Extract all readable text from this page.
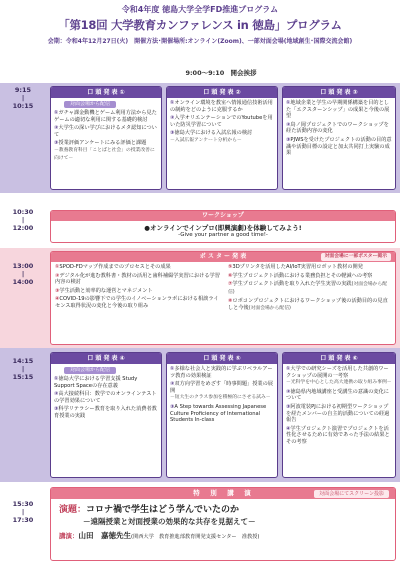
令和4年度 徳島大学全学FD推進プログラム
「第18回 大学教育カンファレンス in 徳島」プログラム
会期：令和4年12月27日(火)　開催方法･開催場所:オンライン(Zoom)、一部対面会場(地域創生･国際交流会館)
9:00～9:10 開会挨拶
9:15
|
10:15
口 頭 発 表 ①
対面会場から配信
①ガチャ課金動機とゲーム利用方法から見たゲームの適切な利用に関する基礎的検討
②大学生の深い学びにおけるメタ認知について
③授業評価アンケートにみる評価と課題
－教養教育科目「ことばと社会」の授業改善に向けて－
口 頭 発 表 ②
①オンライン環境を教室へ情報通信技術活用の制約をどのように克服するか
②入学オリエンテーションでのYoutubeを用いた防災学習について
③徳島大学における入試広報の検討
－入試広報アンケート分析から－
口 頭 発 表 ③
①地域企業と学生の早期関係構築を目的とした「エクスターンシップ」の成果と今後の展望
②鳥ノ岡プロジェクトでのワークショップを経た活動内容の変化
③PJWSを受けたプロジェクトの活動の目的意識や活動目標の設定と加太共同打上実験の成果
10:30
|
12:00
ワークショップ
●オンラインでインプロ(即興演劇)を体験してみよう!
-Give your partner a good time!-
13:00
|
14:00
ポ ス タ ー 発 表	対面会場に一部ポスター掲示
①SPOD-FDマップ作成までのプロセスとその成果
②デジタル化が進む教科書・教材の活用と歯科補綴学実習における学習内容の検討
③学生活動と効率的な運営とマネジメント
④COVID-19の影響下での学生のイノベーションラボにおける相談ライセンス取得状況の変化と今後の取り組み
⑤3Dプリンタを活用したAI/IoT実習用ロボット教材の開発
⑥学生プロジェクト活動における業務負担とその軽減への考察
⑦学生プロジェクト活動を取り入れた学生実習の実践(対面会場から配信)
⑧ロボコンプロジェクトにおけるワークショップ後の活動目的の見直しと今後(対面会場から配信)
14:15
|
15:15
口 頭 発 表 ④
対面会場から配信
①徳島大学における学習支援 Study Support Spaceの存在意義
②高大接続科目：数学でのオンラインテストの学習効果について
③科学リテラシー教育を取り入れた消費者教育授業の実践
口 頭 発 表 ⑤
①多様な社会人と実践的に学ぶリベラルアーツ教育の効果検証
②双方向学習をめざす「時事問題」授業の展開
－短大生のクラス参加を積極的にさせる試み－
③A Step towards Assessing Japanese Culture Proficiency of International Students In-class
口 頭 発 表 ⑥
①大学での研究シーズを活用した共創的ワークショップの展開の一考察
－光科学を中心とした高大連携の取り組み事例－
②徳島県内地域講座と受講生の意識の変化について
③阿波電装PJにおける初期型ワークショップを経たメンバーの自主的活動についての経過報告
④学生プロジェクト演習でプロジェクトを活性化させるために有効であった手法の結果とその考察
15:30
|
17:30
特　別　講　演	対面会場にてスクリーン投影
演題：コロナ禍で学生はどう学んでいたのか
－遠隔授業と対面授業の効果的な共存を見据えて－
講演：山田　嘉徳先生(関西大学　教育推進部教育開発支援センター　准教授)
